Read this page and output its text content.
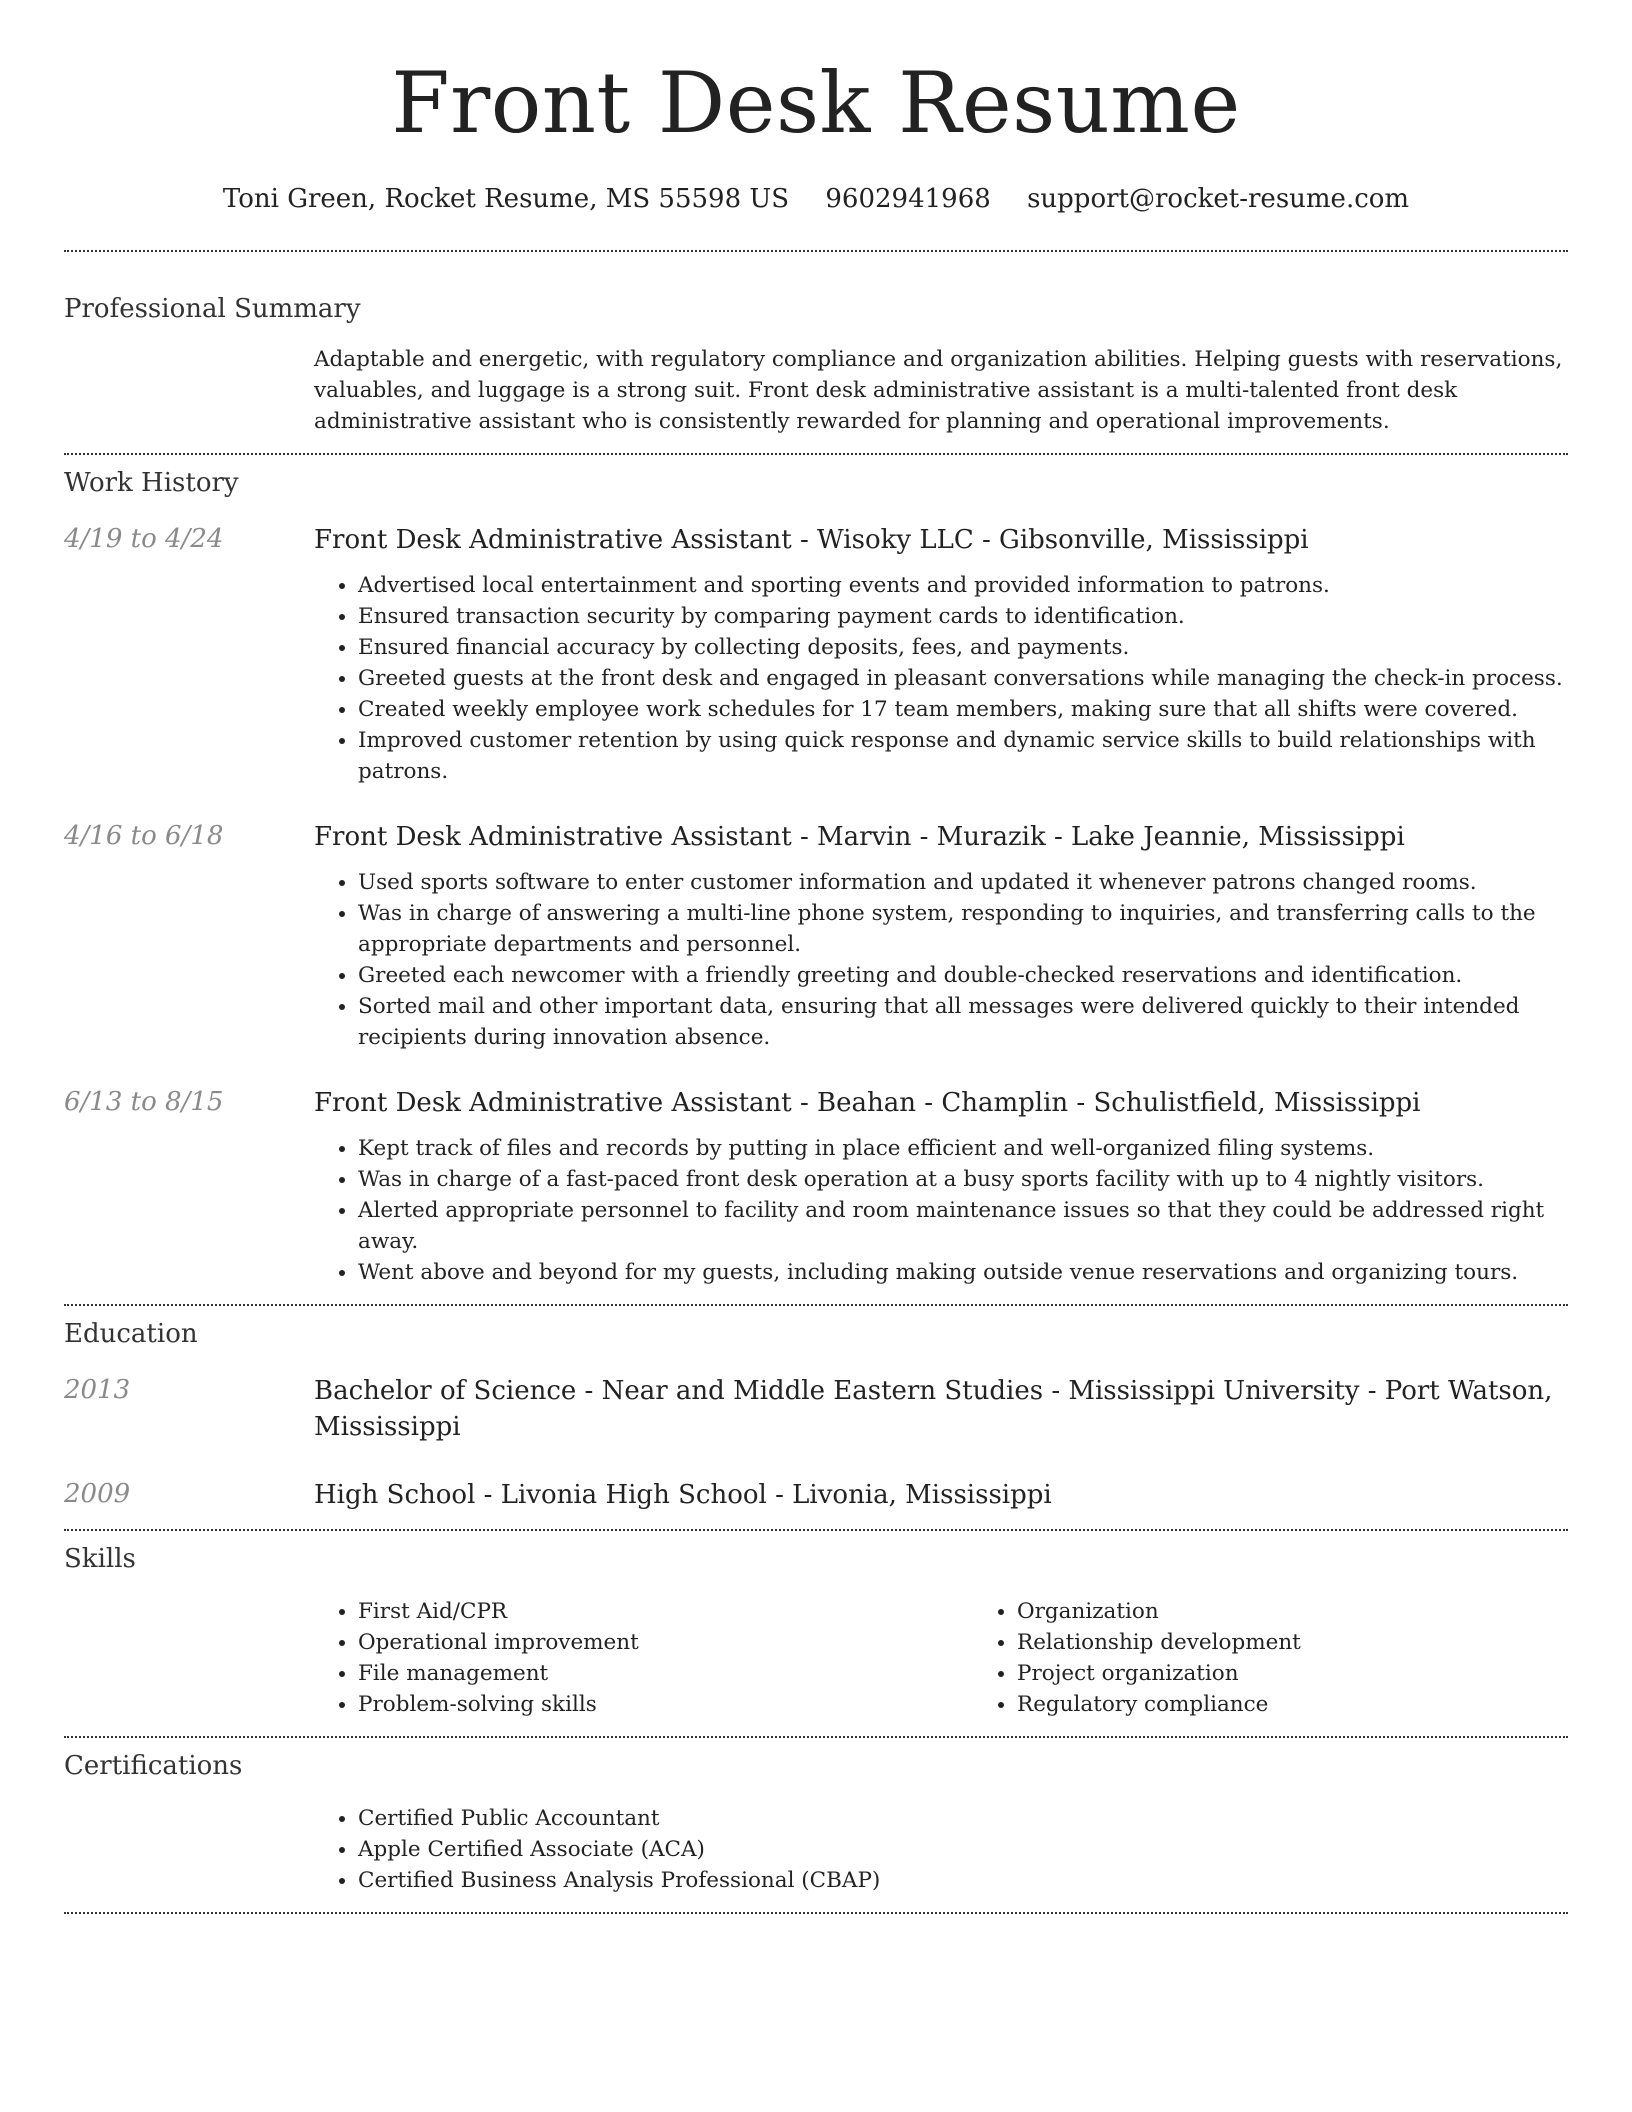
Front Desk Resume
Toni Green, Rocket Resume, MS 55598 US 9602941968 support@rocket-resume.com
Professional Summary

Adaptable and energetic, with regulatory compliance and organization abilities. Helping guests with reservations, valuables, and luggage is a strong suit. Front desk administrative assistant is a multi-talented front desk administrative assistant who is consistently rewarded for planning and operational improvements.

Work History
4/19 to 4/24	Front Desk Administrative Assistant - Wisoky LLC - Gibsonville, Mississippi
• Advertised local entertainment and sporting events and provided information to patrons.
• Ensured transaction security by comparing payment cards to identification.
• Ensured financial accuracy by collecting deposits, fees, and payments.
• Greeted guests at the front desk and engaged in pleasant conversations while managing the check-in process.
• Created weekly employee work schedules for 17 team members, making sure that all shifts were covered.
• Improved customer retention by using quick response and dynamic service skills to build relationships with patrons.
4/16 to 6/18	Front Desk Administrative Assistant - Marvin - Murazik - Lake Jeannie, Mississippi
• Used sports software to enter customer information and updated it whenever patrons changed rooms.
• Was in charge of answering a multi-line phone system, responding to inquiries, and transferring calls to the appropriate departments and personnel.
• Greeted each newcomer with a friendly greeting and double-checked reservations and identification.
• Sorted mail and other important data, ensuring that all messages were delivered quickly to their intended recipients during innovation absence.
6/13 to 8/15	Front Desk Administrative Assistant - Beahan - Champlin - Schulistfield, Mississippi
• Kept track of files and records by putting in place efficient and well-organized filing systems.
• Was in charge of a fast-paced front desk operation at a busy sports facility with up to 4 nightly visitors.
• Alerted appropriate personnel to facility and room maintenance issues so that they could be addressed right away.
• Went above and beyond for my guests, including making outside venue reservations and organizing tours.
Education
2013	Bachelor of Science - Near and Middle Eastern Studies - Mississippi University - Port Watson, Mississippi
2009	High School - Livonia High School - Livonia, Mississippi
Skills
• First Aid/CPR
• Operational improvement
• File management
• Problem-solving skills
• Organization
• Relationship development
• Project organization
• Regulatory compliance
Certifications
• Certified Public Accountant
• Apple Certified Associate (ACA)
• Certified Business Analysis Professional (CBAP)
